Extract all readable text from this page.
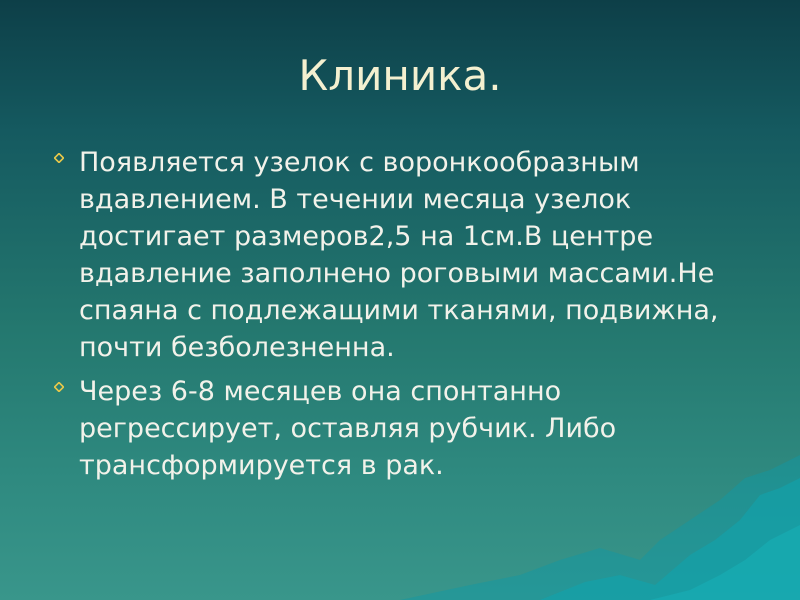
Клиника.
Появляется узелок с воронкообразным вдавлением. В течении месяца узелок достигает размеров2,5 на 1см.В центре вдавление заполнено роговыми массами.Не спаяна с подлежащими тканями, подвижна, почти безболезненна.
Через 6-8 месяцев она спонтанно регрессирует, оставляя рубчик. Либо трансформируется в рак.
